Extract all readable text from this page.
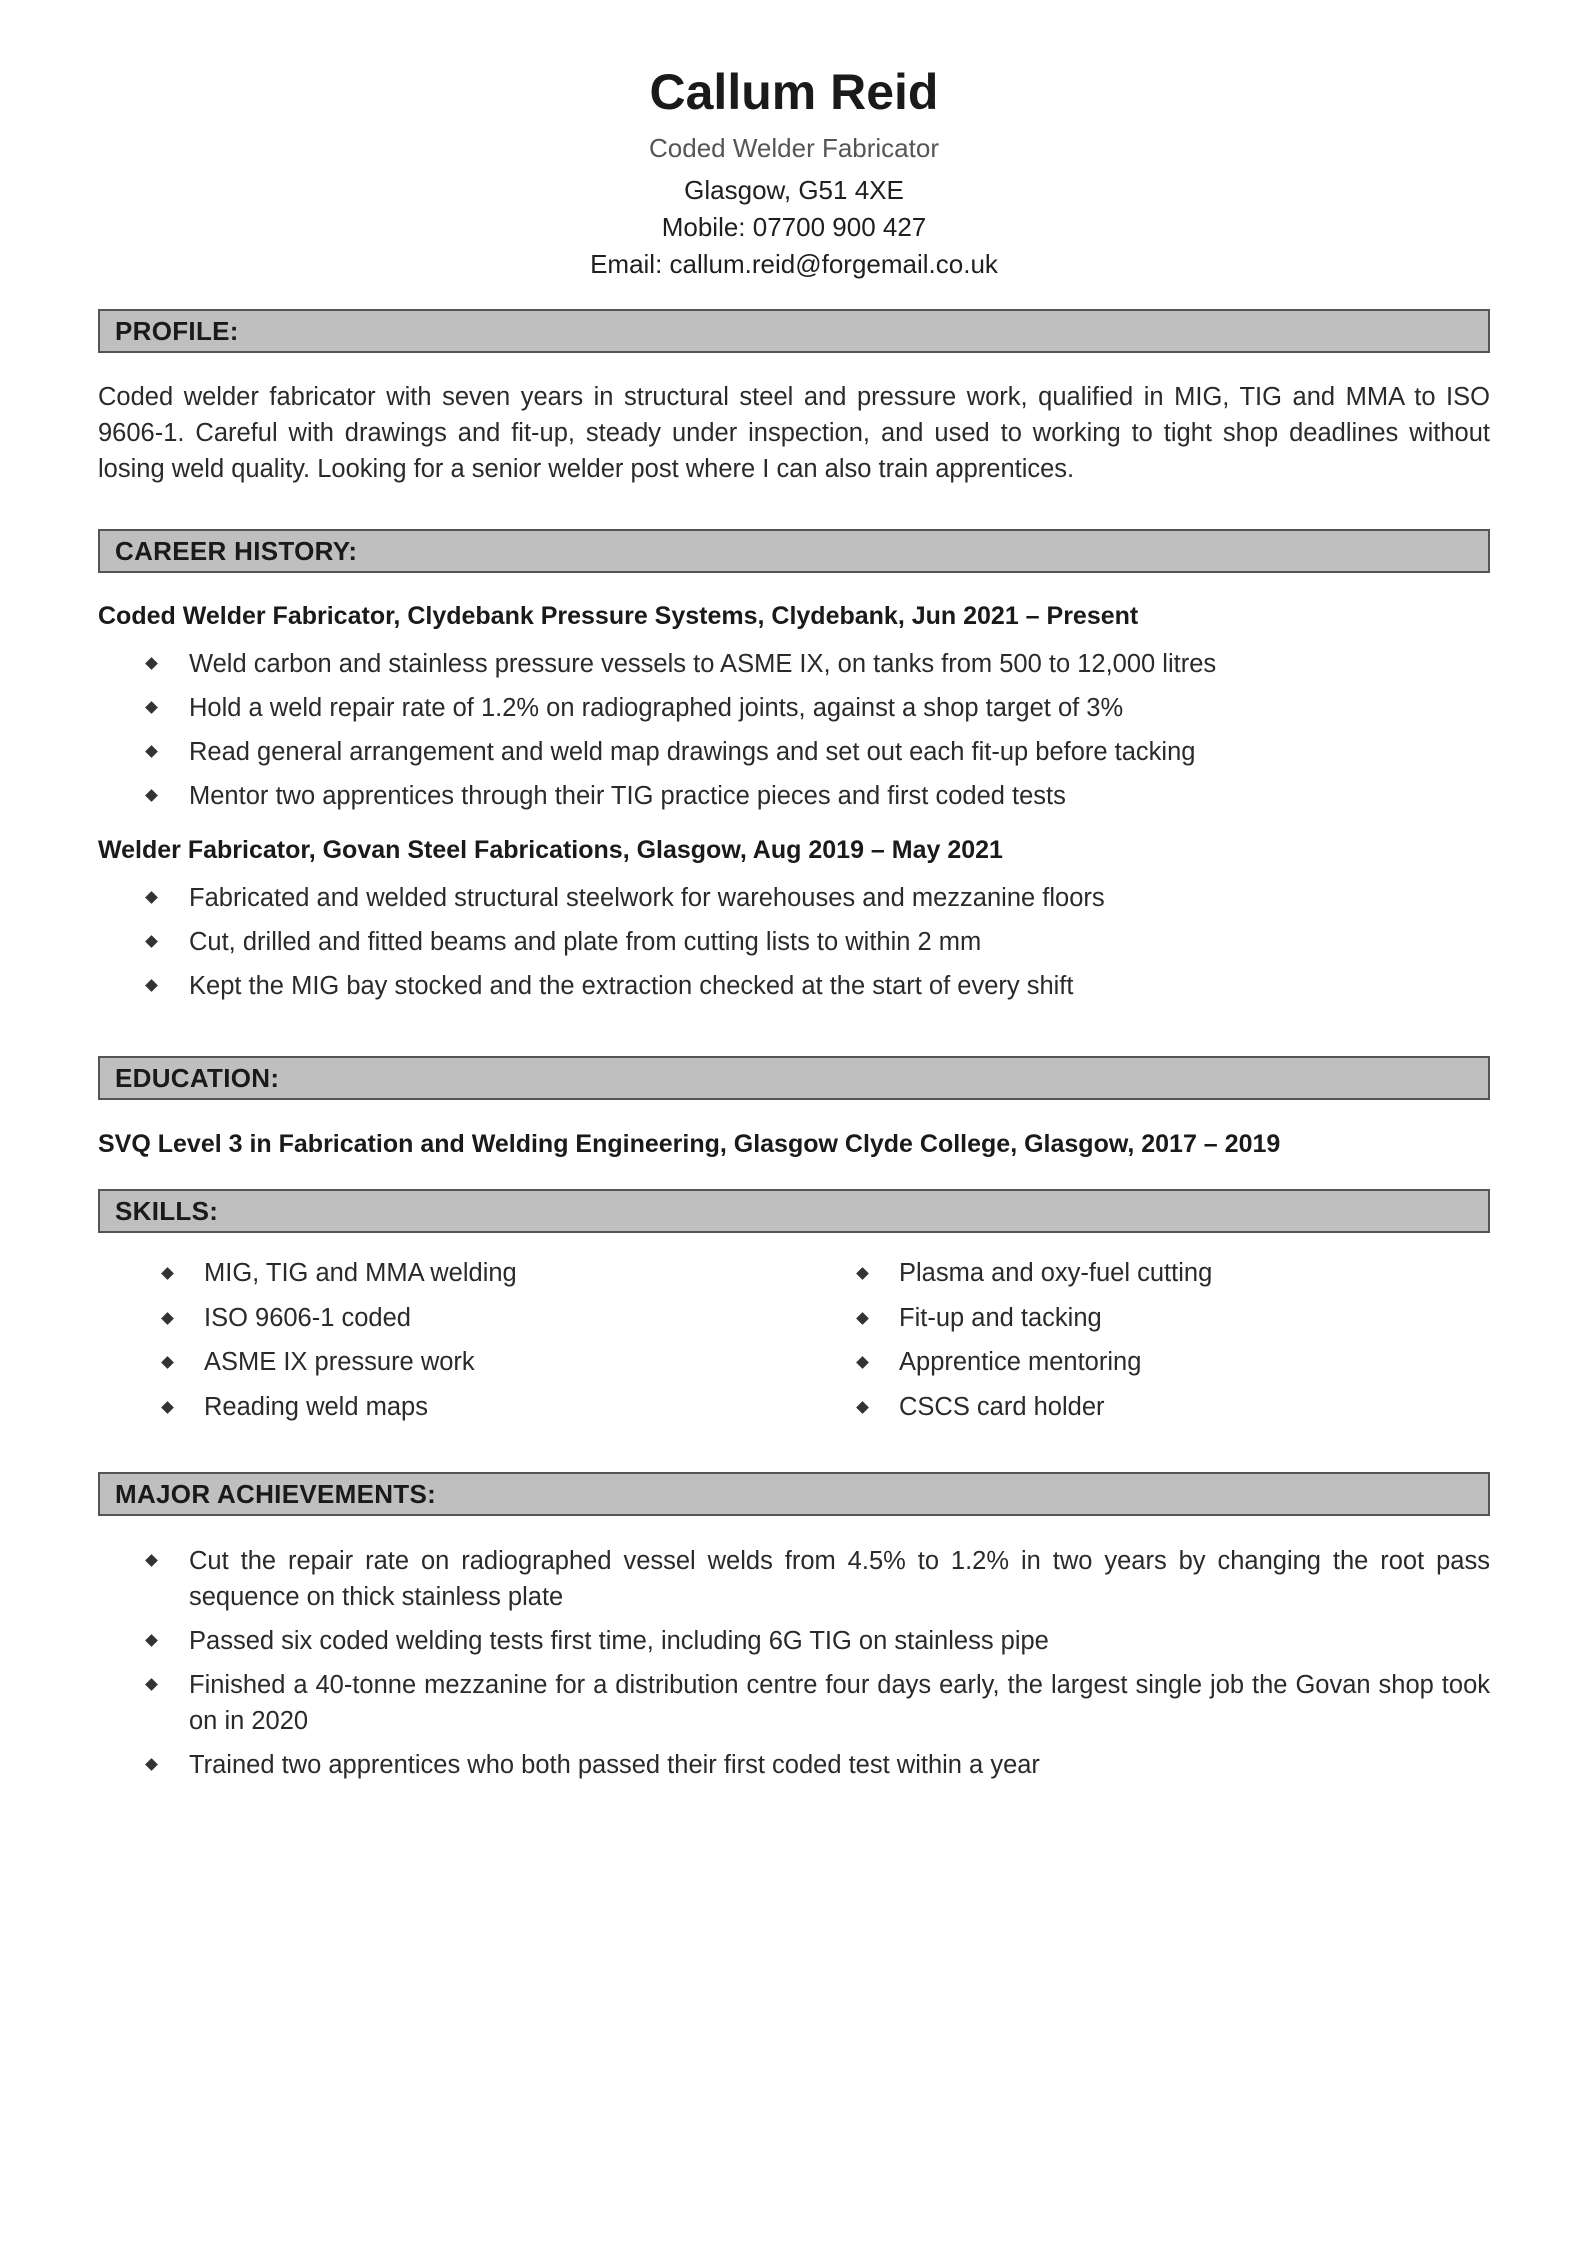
Callum Reid
Coded Welder Fabricator
Glasgow, G51 4XE
Mobile: 07700 900 427
Email: callum.reid@forgemail.co.uk
PROFILE:

Coded welder fabricator with seven years in structural steel and pressure work, qualified in MIG, TIG and MMA to ISO 9606-1. Careful with drawings and fit-up, steady under inspection, and used to working to tight shop deadlines without losing weld quality. Looking for a senior welder post where I can also train apprentices.

CAREER HISTORY:
Coded Welder Fabricator, Clydebank Pressure Systems, Clydebank, Jun 2021 – Present
Weld carbon and stainless pressure vessels to ASME IX, on tanks from 500 to 12,000 litres
Hold a weld repair rate of 1.2% on radiographed joints, against a shop target of 3%
Read general arrangement and weld map drawings and set out each fit-up before tacking
Mentor two apprentices through their TIG practice pieces and first coded tests
Welder Fabricator, Govan Steel Fabrications, Glasgow, Aug 2019 – May 2021
Fabricated and welded structural steelwork for warehouses and mezzanine floors
Cut, drilled and fitted beams and plate from cutting lists to within 2 mm
Kept the MIG bay stocked and the extraction checked at the start of every shift
EDUCATION:
SVQ Level 3 in Fabrication and Welding Engineering, Glasgow Clyde College, Glasgow, 2017 – 2019
SKILLS:
MIG, TIG and MMA welding
ISO 9606-1 coded
ASME IX pressure work
Reading weld maps
Plasma and oxy-fuel cutting
Fit-up and tacking
Apprentice mentoring
CSCS card holder
MAJOR ACHIEVEMENTS:
Cut the repair rate on radiographed vessel welds from 4.5% to 1.2% in two years by changing the root pass sequence on thick stainless plate
Passed six coded welding tests first time, including 6G TIG on stainless pipe
Finished a 40-tonne mezzanine for a distribution centre four days early, the largest single job the Govan shop took on in 2020
Trained two apprentices who both passed their first coded test within a year
